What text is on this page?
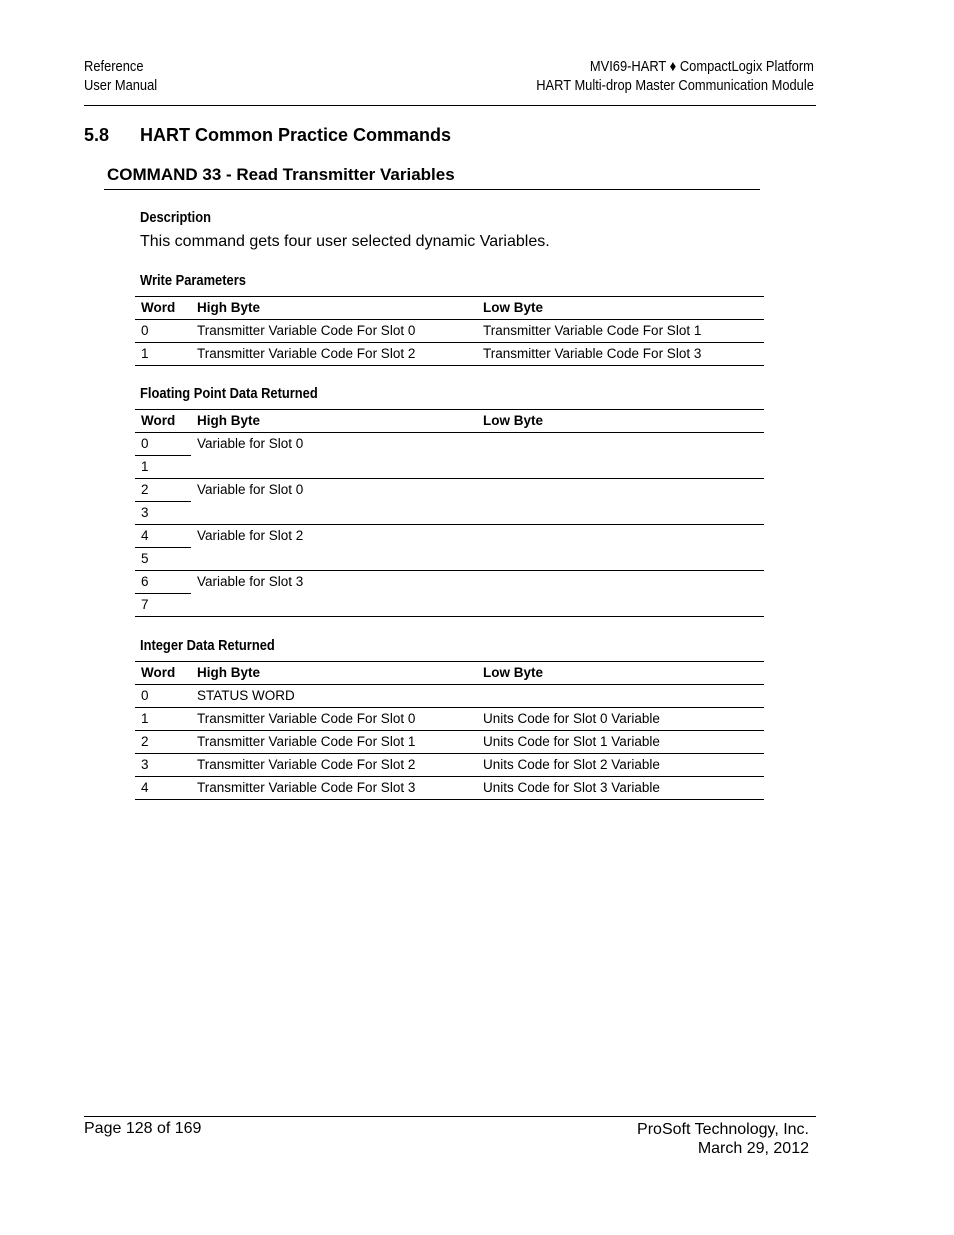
Reference
User Manual
MVI69-HART ♦ CompactLogix Platform
HART Multi-drop Master Communication Module
5.8 HART Common Practice Commands
COMMAND 33 - Read Transmitter Variables
Description
This command gets four user selected dynamic Variables.
Write Parameters
Word	High Byte	Low Byte
0	Transmitter Variable Code For Slot 0	Transmitter Variable Code For Slot 1
1	Transmitter Variable Code For Slot 2	Transmitter Variable Code For Slot 3
Floating Point Data Returned
Word	High Byte	Low Byte
0	Variable for Slot 0	
1		
2	Variable for Slot 0	
3		
4	Variable for Slot 2	
5		
6	Variable for Slot 3	
7		
Integer Data Returned
Word	High Byte	Low Byte
0	STATUS WORD	
1	Transmitter Variable Code For Slot 0	Units Code for Slot 0 Variable
2	Transmitter Variable Code For Slot 1	Units Code for Slot 1 Variable
3	Transmitter Variable Code For Slot 2	Units Code for Slot 2 Variable
4	Transmitter Variable Code For Slot 3	Units Code for Slot 3 Variable
Page 128 of 169	ProSoft Technology, Inc.
March 29, 2012
